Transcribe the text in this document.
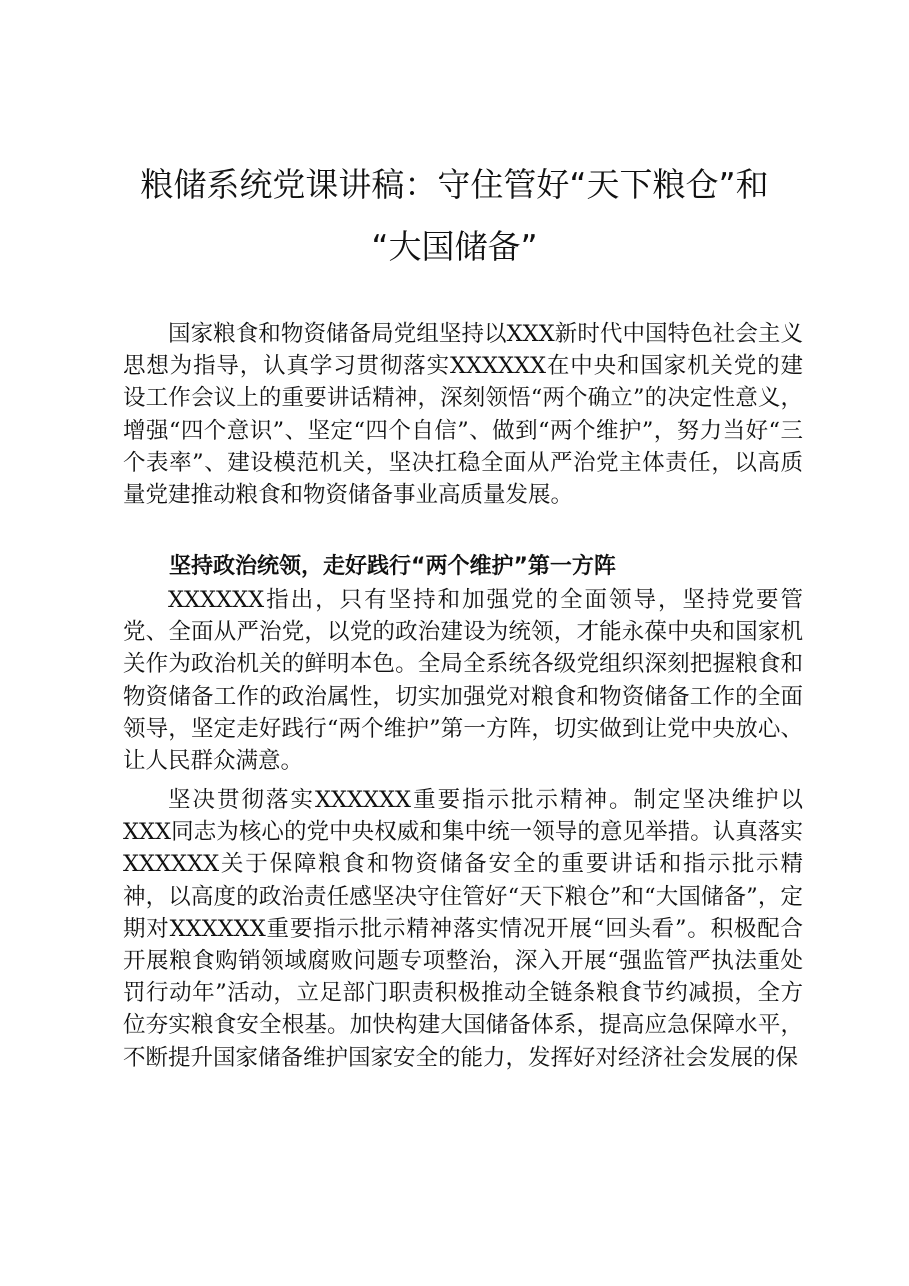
粮储系统党课讲稿：守住管好“天下粮仓”和
“大国储备”

国家粮食和物资储备局党组坚持以XXX新时代中国特色社会主义思想为指导，认真学习贯彻落实XXXXXX在中央和国家机关党的建设工作会议上的重要讲话精神，深刻领悟“两个确立”的决定性意义，增强“四个意识”、坚定“四个自信”、做到“两个维护”，努力当好“三个表率”、建设模范机关，坚决扛稳全面从严治党主体责任，以高质量党建推动粮食和物资储备事业高质量发展。

坚持政治统领，走好践行“两个维护”第一方阵

XXXXXX指出，只有坚持和加强党的全面领导，坚持党要管党、全面从严治党，以党的政治建设为统领，才能永葆中央和国家机关作为政治机关的鲜明本色。全局全系统各级党组织深刻把握粮食和物资储备工作的政治属性，切实加强党对粮食和物资储备工作的全面领导，坚定走好践行“两个维护”第一方阵，切实做到让党中央放心、让人民群众满意。

坚决贯彻落实XXXXXX重要指示批示精神。制定坚决维护以XXX同志为核心的党中央权威和集中统一领导的意见举措。认真落实XXXXXX关于保障粮食和物资储备安全的重要讲话和指示批示精神，以高度的政治责任感坚决守住管好“天下粮仓”和“大国储备”，定期对XXXXXX重要指示批示精神落实情况开展“回头看”。积极配合开展粮食购销领域腐败问题专项整治，深入开展“强监管严执法重处罚行动年”活动，立足部门职责积极推动全链条粮食节约减损，全方位夯实粮食安全根基。加快构建大国储备体系，提高应急保障水平，不断提升国家储备维护国家安全的能力，发挥好对经济社会发展的保
